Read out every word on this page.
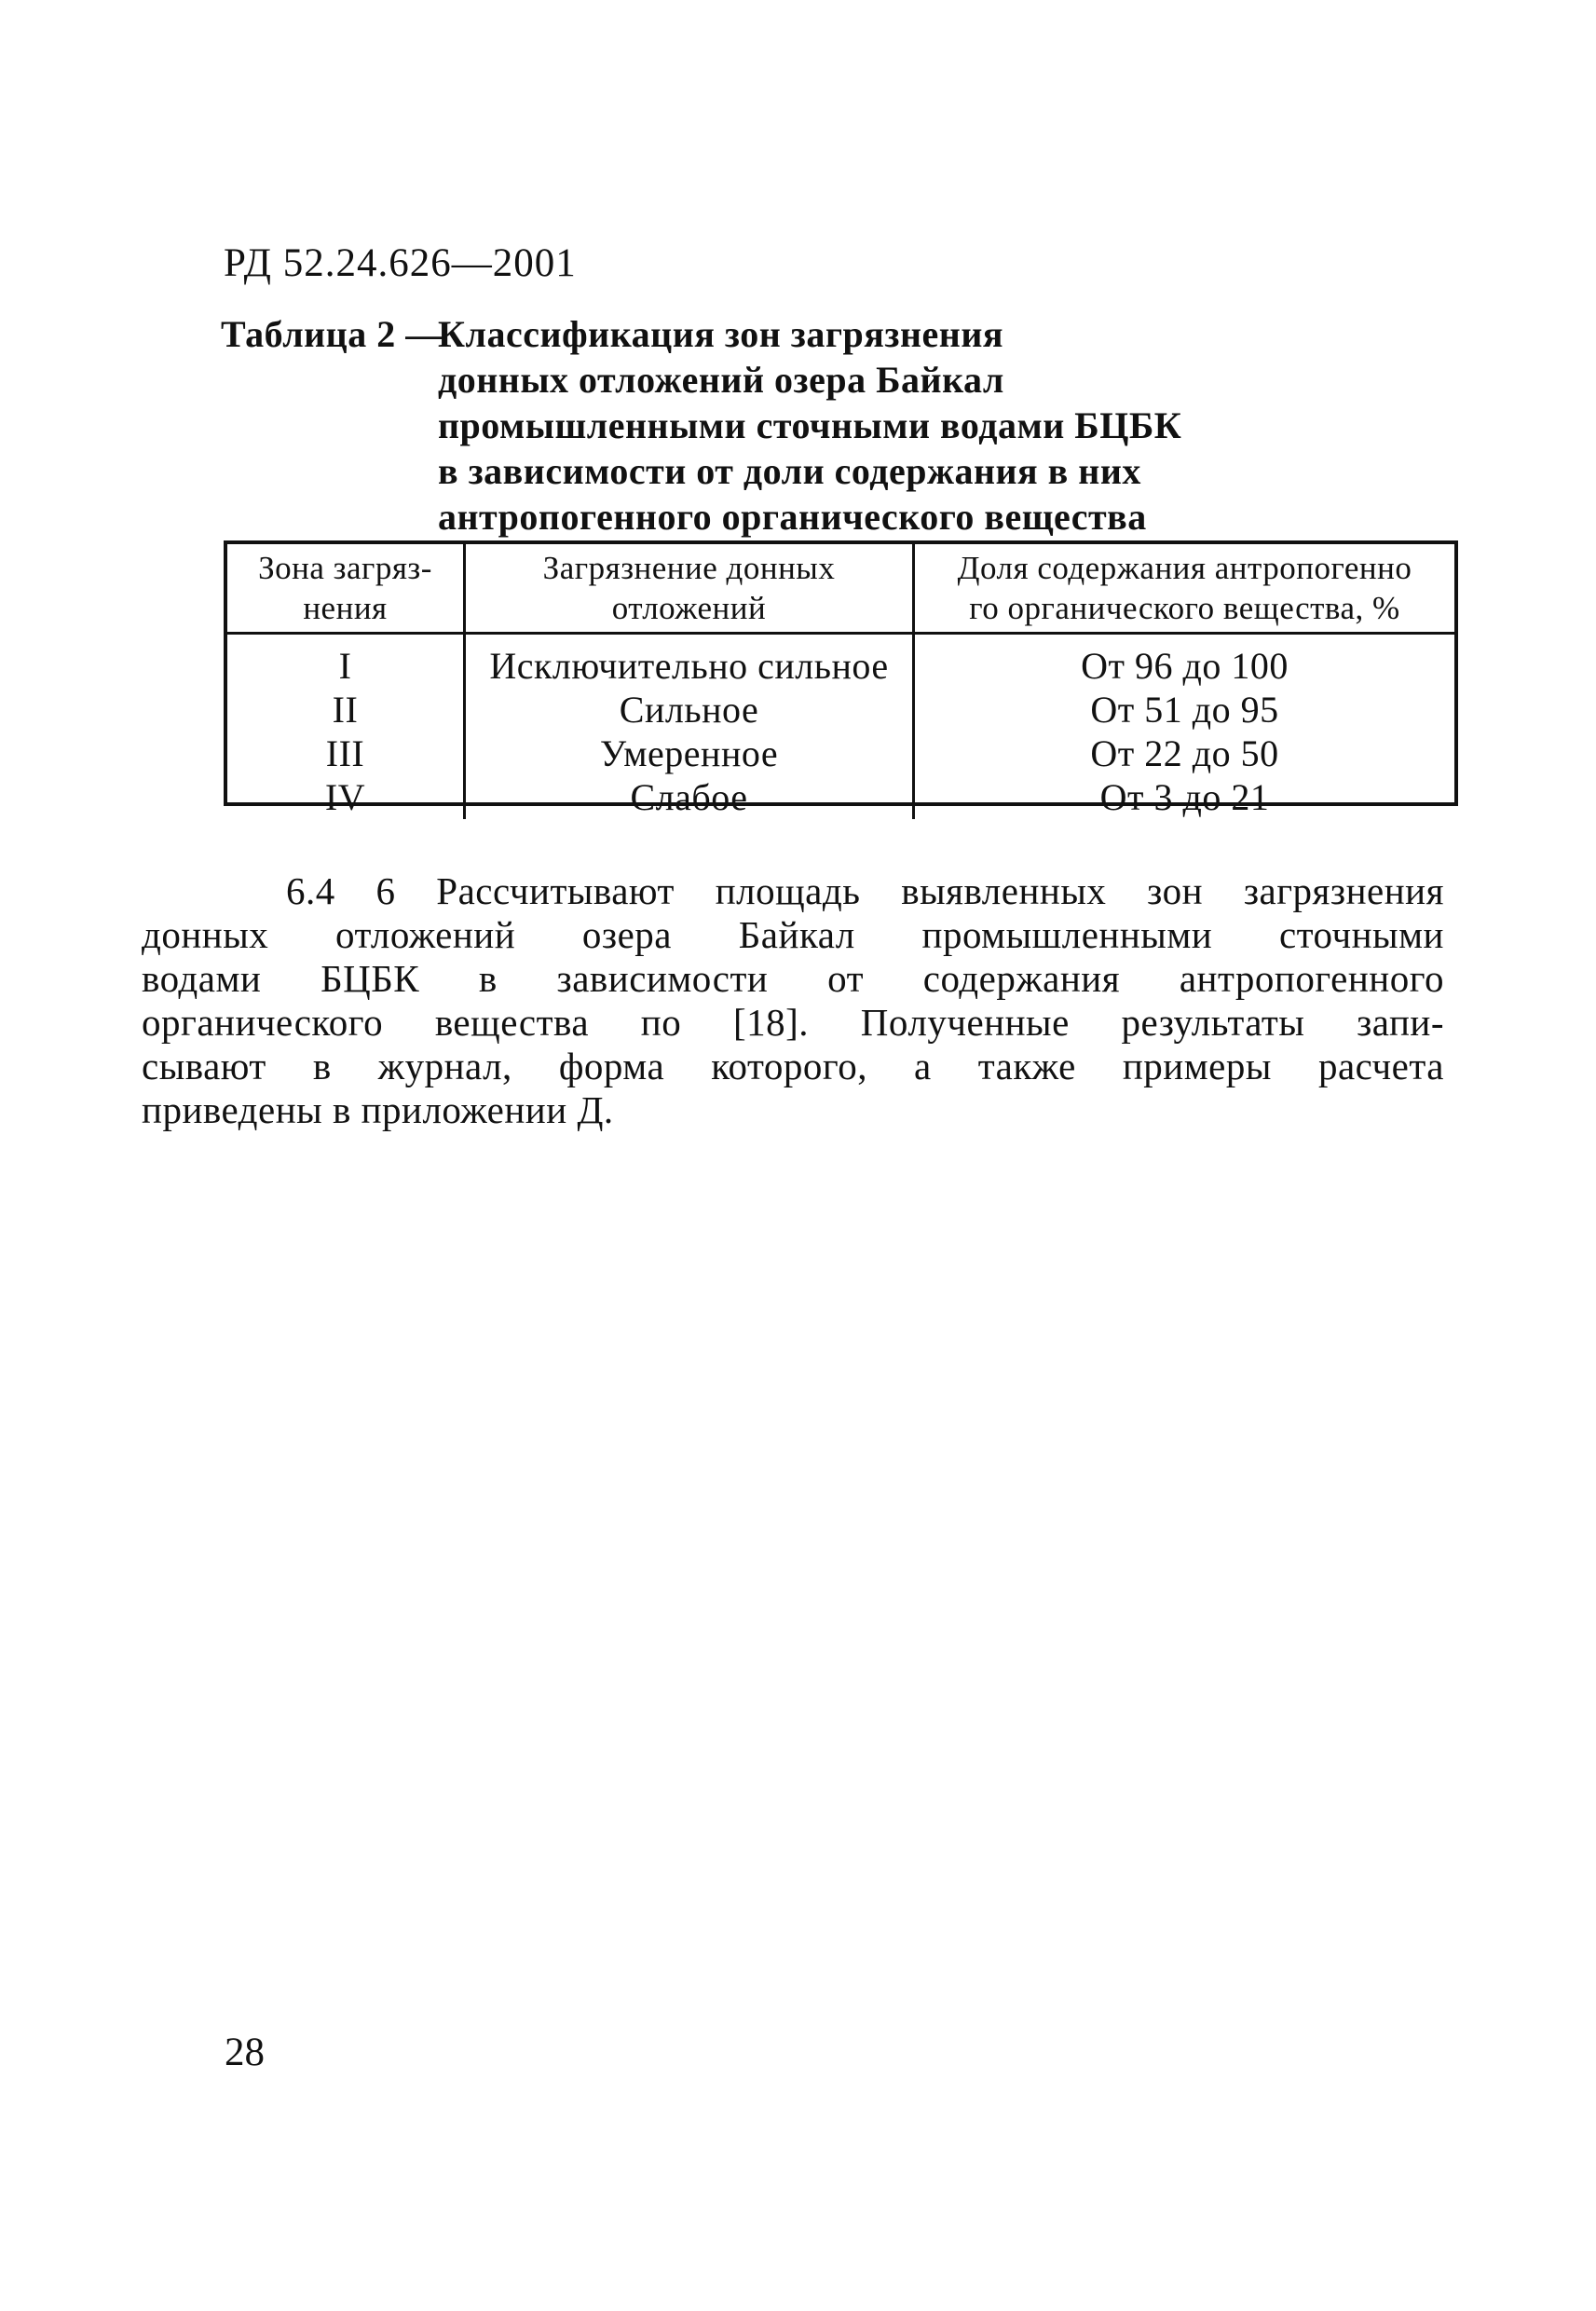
РД 52.24.626—2001
Таблица 2 —
Классификация зон загрязнения
донных отложений озера Байкал
промышленными сточными водами БЦБК
в зависимости от доли содержания в них
антропогенного органического вещества
Зона загряз-
нения
Загрязнение донных
отложений
Доля содержания антропогенно
го органического вещества, %
I
II
III
IV
Исключительно сильное
Сильное
Умеренное
Слабое
От 96 до 100
От 51 до 95
От 22 до 50
От 3 до 21
6.4 6 Рассчитывают площадь выявленных зон загрязнения
донных отложений озера Байкал промышленными сточными
водами БЦБК в зависимости от содержания антропогенного
органического вещества по [18]. Полученные результаты запи-
сывают в журнал, форма которого, а также примеры расчета
приведены в приложении Д.
28
